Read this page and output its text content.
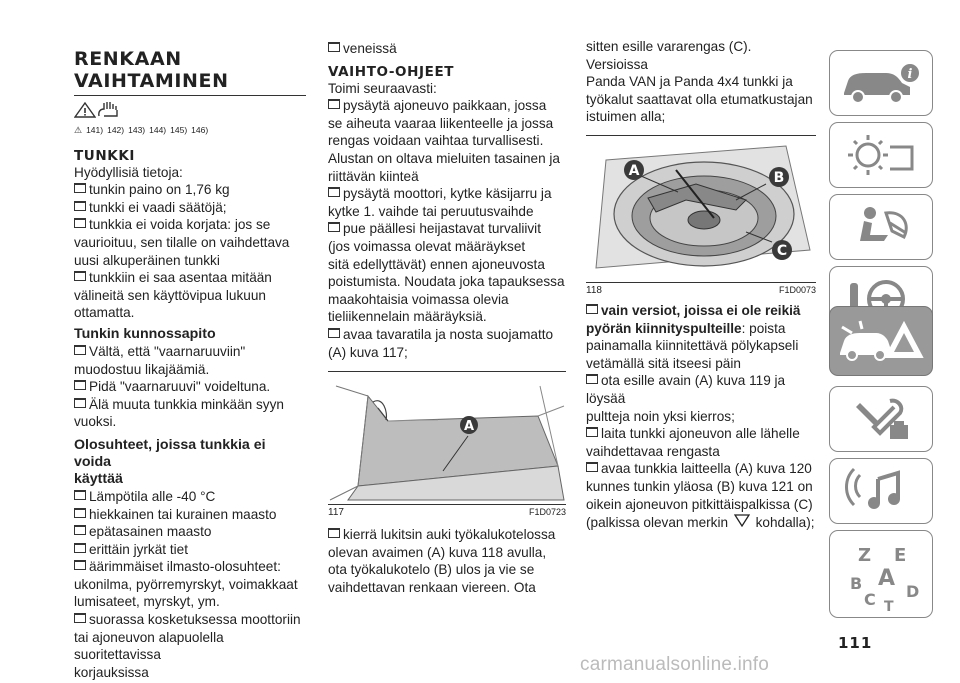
RENKAAN

VAIHTAMINEN

⚠ 141) 142) 143) 144) 145) 146)

TUNKKI

Hyödyllisiä tietoja:

tunkin paino on 1,76 kg
tunkki ei vaadi säätöjä;
tunkkia ei voida korjata: jos se
vaurioituu, sen tilalle on vaihdettava
uusi alkuperäinen tunkki
tunkkiin ei saa asentaa mitään
välineitä sen käyttövipua lukuun
ottamatta.

Tunkin kunnossapito

Vältä, että "vaarnaruuviin"
muodostuu likajäämiä.
Pidä "vaarnaruuvi" voideltuna.
Älä muuta tunkkia minkään syyn
vuoksi.

Olosuhteet, joissa tunkkia ei voida

käyttää

Lämpötila alle -40 °C
hiekkainen tai kurainen maasto
epätasainen maasto
erittäin jyrkät tiet
äärimmäiset ilmasto-olosuhteet:
ukonilma, pyörremyrskyt, voimakkaat
lumisateet, myrskyt, ym.
suorassa kosketuksessa moottoriin
tai ajoneuvon alapuolella suoritettavissa
korjauksissa
veneissä

VAIHTO-OHJEET

Toimi seuraavasti:

pysäytä ajoneuvo paikkaan, jossa
se aiheuta vaaraa liikenteelle ja jossa
rengas voidaan vaihtaa turvallisesti.
Alustan on oltava mieluiten tasainen ja
riittävän kiinteä
pysäytä moottori, kytke käsijarru ja
kytke 1. vaihde tai peruutusvaihde
pue päällesi heijastavat turvaliivit
(jos voimassa olevat määräykset
sitä edellyttävät) ennen ajoneuvosta
poistumista. Noudata joka tapauksessa
maakohtaisia voimassa olevia
tieliikennelain määräyksiä.
avaa tavaratila ja nosta suojamatto
(A) kuva 117;
A
117	F1D0723
kierrä lukitsin auki työkalukotelossa
olevan avaimen (A) kuva 118 avulla,
ota työkalukotelo (B) ulos ja vie se
vaihdettavan renkaan viereen. Ota

sitten esille vararengas (C). Versioissa

Panda VAN ja Panda 4x4 tunkki ja

työkalut saattavat olla etumatkustajan

istuimen alla;

A	B
C
118	F1D0073
vain versiot, joissa ei ole reikiä
pyörän kiinnityspulteille: poista

painamalla kiinnitettävä pölykapseli

vetämällä sitä itseesi päin

ota esille avain (A) kuva 119 ja löysää
pultteja noin yksi kierros;
laita tunkki ajoneuvon alle lähelle
vaihdettavaa rengasta
avaa tunkkia laitteella (A) kuva 120
kunnes tunkin yläosa (B) kuva 121 on
oikein ajoneuvon pitkittäispalkissa (C)
(palkissa olevan merkin kohdalla);
i
Z E
B A
C D
T
111
carmanualsonline.info
